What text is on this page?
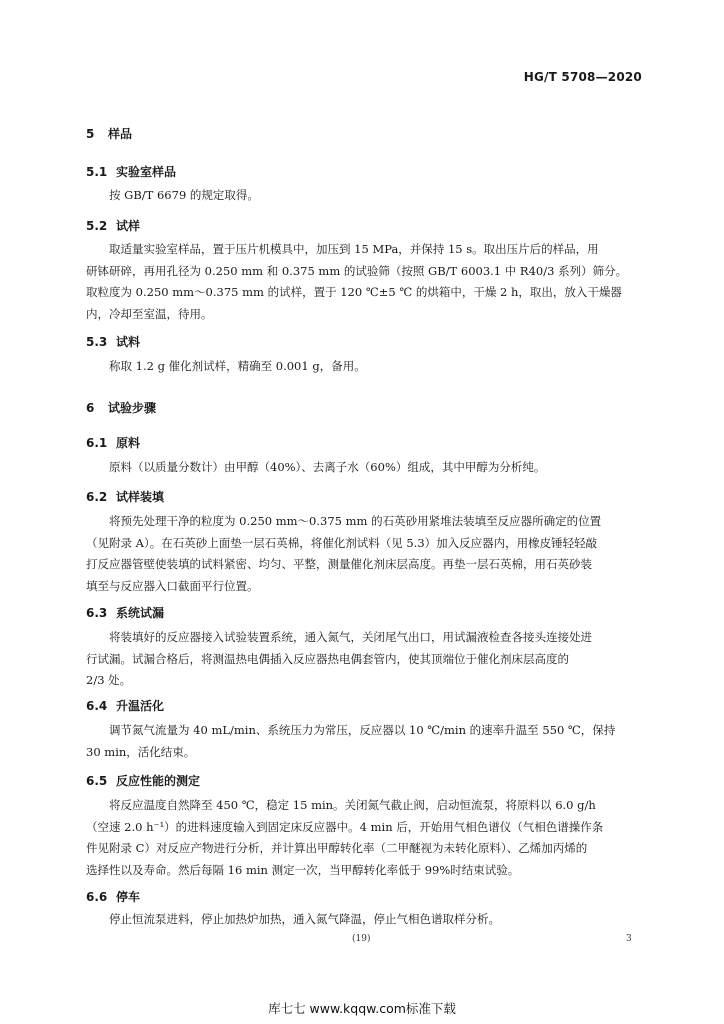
HG/T 5708—2020
5 样品
5.1 实验室样品
按 GB/T 6679 的规定取得。
5.2 试样
取适量实验室样品，置于压片机模具中，加压到 15 MPa，并保持 15 s。取出压片后的样品，用
研钵研碎，再用孔径为 0.250 mm 和 0.375 mm 的试验筛（按照 GB/T 6003.1 中 R40/3 系列）筛分。
取粒度为 0.250 mm～0.375 mm 的试样，置于 120 ℃±5 ℃ 的烘箱中，干燥 2 h，取出，放入干燥器
内，冷却至室温，待用。
5.3 试料
称取 1.2 g 催化剂试样，精确至 0.001 g，备用。
6 试验步骤
6.1 原料
原料（以质量分数计）由甲醇（40%）、去离子水（60%）组成，其中甲醇为分析纯。
6.2 试样装填
将预先处理干净的粒度为 0.250 mm～0.375 mm 的石英砂用紧堆法装填至反应器所确定的位置
（见附录 A）。在石英砂上面垫一层石英棉，将催化剂试料（见 5.3）加入反应器内，用橡皮锤轻轻敲
打反应器管壁使装填的试料紧密、均匀、平整，测量催化剂床层高度。再垫一层石英棉，用石英砂装
填至与反应器入口截面平行位置。
6.3 系统试漏
将装填好的反应器接入试验装置系统，通入氮气，关闭尾气出口，用试漏液检查各接头连接处进
行试漏。试漏合格后，将测温热电偶插入反应器热电偶套管内，使其顶端位于催化剂床层高度的
2/3 处。
6.4 升温活化
调节氮气流量为 40 mL/min、系统压力为常压，反应器以 10 ℃/min 的速率升温至 550 ℃，保持
30 min，活化结束。
6.5 反应性能的测定
将反应温度自然降至 450 ℃，稳定 15 min。关闭氮气截止阀，启动恒流泵，将原料以 6.0 g/h
（空速 2.0 h⁻¹）的进料速度输入到固定床反应器中。4 min 后，开始用气相色谱仪（气相色谱操作条
件见附录 C）对反应产物进行分析，并计算出甲醇转化率（二甲醚视为未转化原料）、乙烯加丙烯的
选择性以及寿命。然后每隔 16 min 测定一次，当甲醇转化率低于 99%时结束试验。
6.6 停车
停止恒流泵进料，停止加热炉加热，通入氮气降温，停止气相色谱取样分析。
(19)	3
库七七 www.kqqw.com标准下载
